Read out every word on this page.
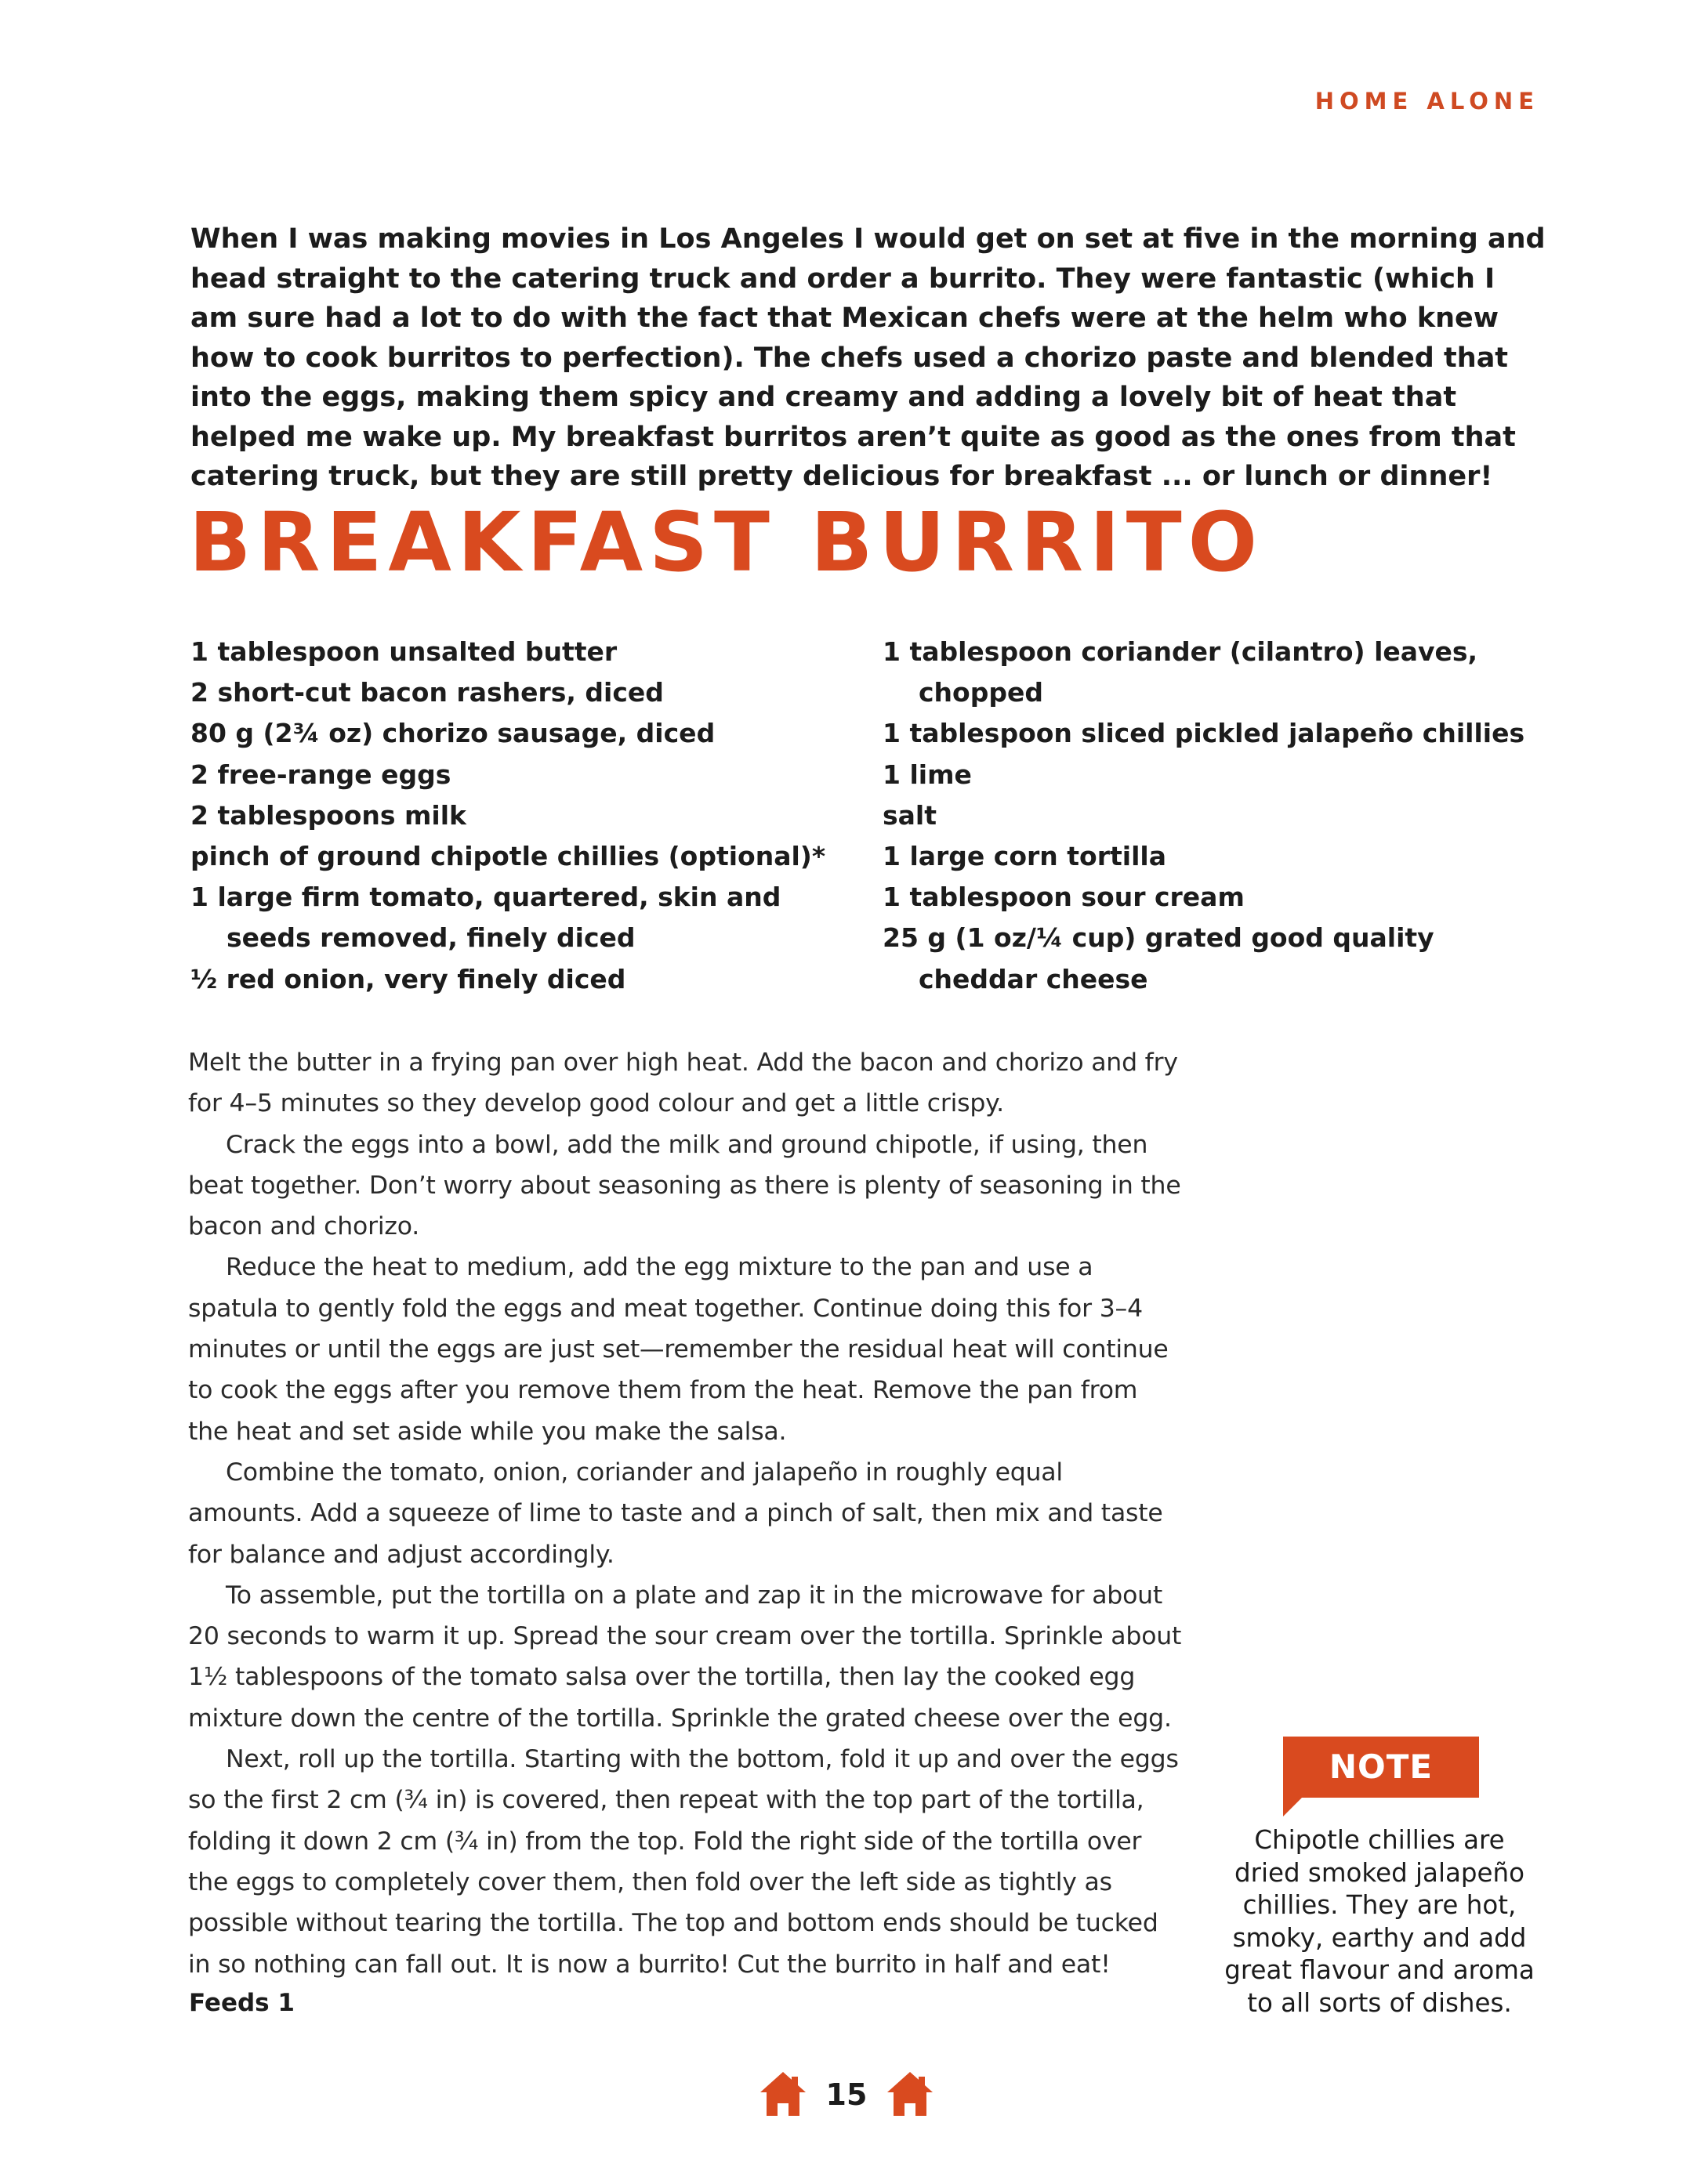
HOME ALONE
When I was making movies in Los Angeles I would get on set at five in the morning and head straight to the catering truck and order a burrito. They were fantastic (which I am sure had a lot to do with the fact that Mexican chefs were at the helm who knew how to cook burritos to perfection). The chefs used a chorizo paste and blended that into the eggs, making them spicy and creamy and adding a lovely bit of heat that helped me wake up. My breakfast burritos aren’t quite as good as the ones from that catering truck, but they are still pretty delicious for breakfast ... or lunch or dinner!
BREAKFAST BURRITO
1 tablespoon unsalted butter
2 short-cut bacon rashers, diced
80 g (2¾ oz) chorizo sausage, diced
2 free-range eggs
2 tablespoons milk
pinch of ground chipotle chillies (optional)*
1 large firm tomato, quartered, skin and seeds removed, finely diced
½ red onion, very finely diced
1 tablespoon coriander (cilantro) leaves, chopped
1 tablespoon sliced pickled jalapeño chillies
1 lime
salt
1 large corn tortilla
1 tablespoon sour cream
25 g (1 oz/¼ cup) grated good quality cheddar cheese

Melt the butter in a frying pan over high heat. Add the bacon and chorizo and fry for 4–5 minutes so they develop good colour and get a little crispy.

Crack the eggs into a bowl, add the milk and ground chipotle, if using, then beat together. Don’t worry about seasoning as there is plenty of seasoning in the bacon and chorizo.

Reduce the heat to medium, add the egg mixture to the pan and use a spatula to gently fold the eggs and meat together. Continue doing this for 3–4 minutes or until the eggs are just set—remember the residual heat will continue to cook the eggs after you remove them from the heat. Remove the pan from the heat and set aside while you make the salsa.

Combine the tomato, onion, coriander and jalapeño in roughly equal amounts. Add a squeeze of lime to taste and a pinch of salt, then mix and taste for balance and adjust accordingly.

To assemble, put the tortilla on a plate and zap it in the microwave for about 20 seconds to warm it up. Spread the sour cream over the tortilla. Sprinkle about 1½ tablespoons of the tomato salsa over the tortilla, then lay the cooked egg mixture down the centre of the tortilla. Sprinkle the grated cheese over the egg.

Next, roll up the tortilla. Starting with the bottom, fold it up and over the eggs so the first 2 cm (¾ in) is covered, then repeat with the top part of the tortilla, folding it down 2 cm (¾ in) from the top. Fold the right side of the tortilla over the eggs to completely cover them, then fold over the left side as tightly as possible without tearing the tortilla. The top and bottom ends should be tucked in so nothing can fall out. It is now a burrito! Cut the burrito in half and eat!

Feeds 1
NOTE
Chipotle chillies are dried smoked jalapeño chillies. They are hot, smoky, earthy and add great flavour and aroma to all sorts of dishes.
15
